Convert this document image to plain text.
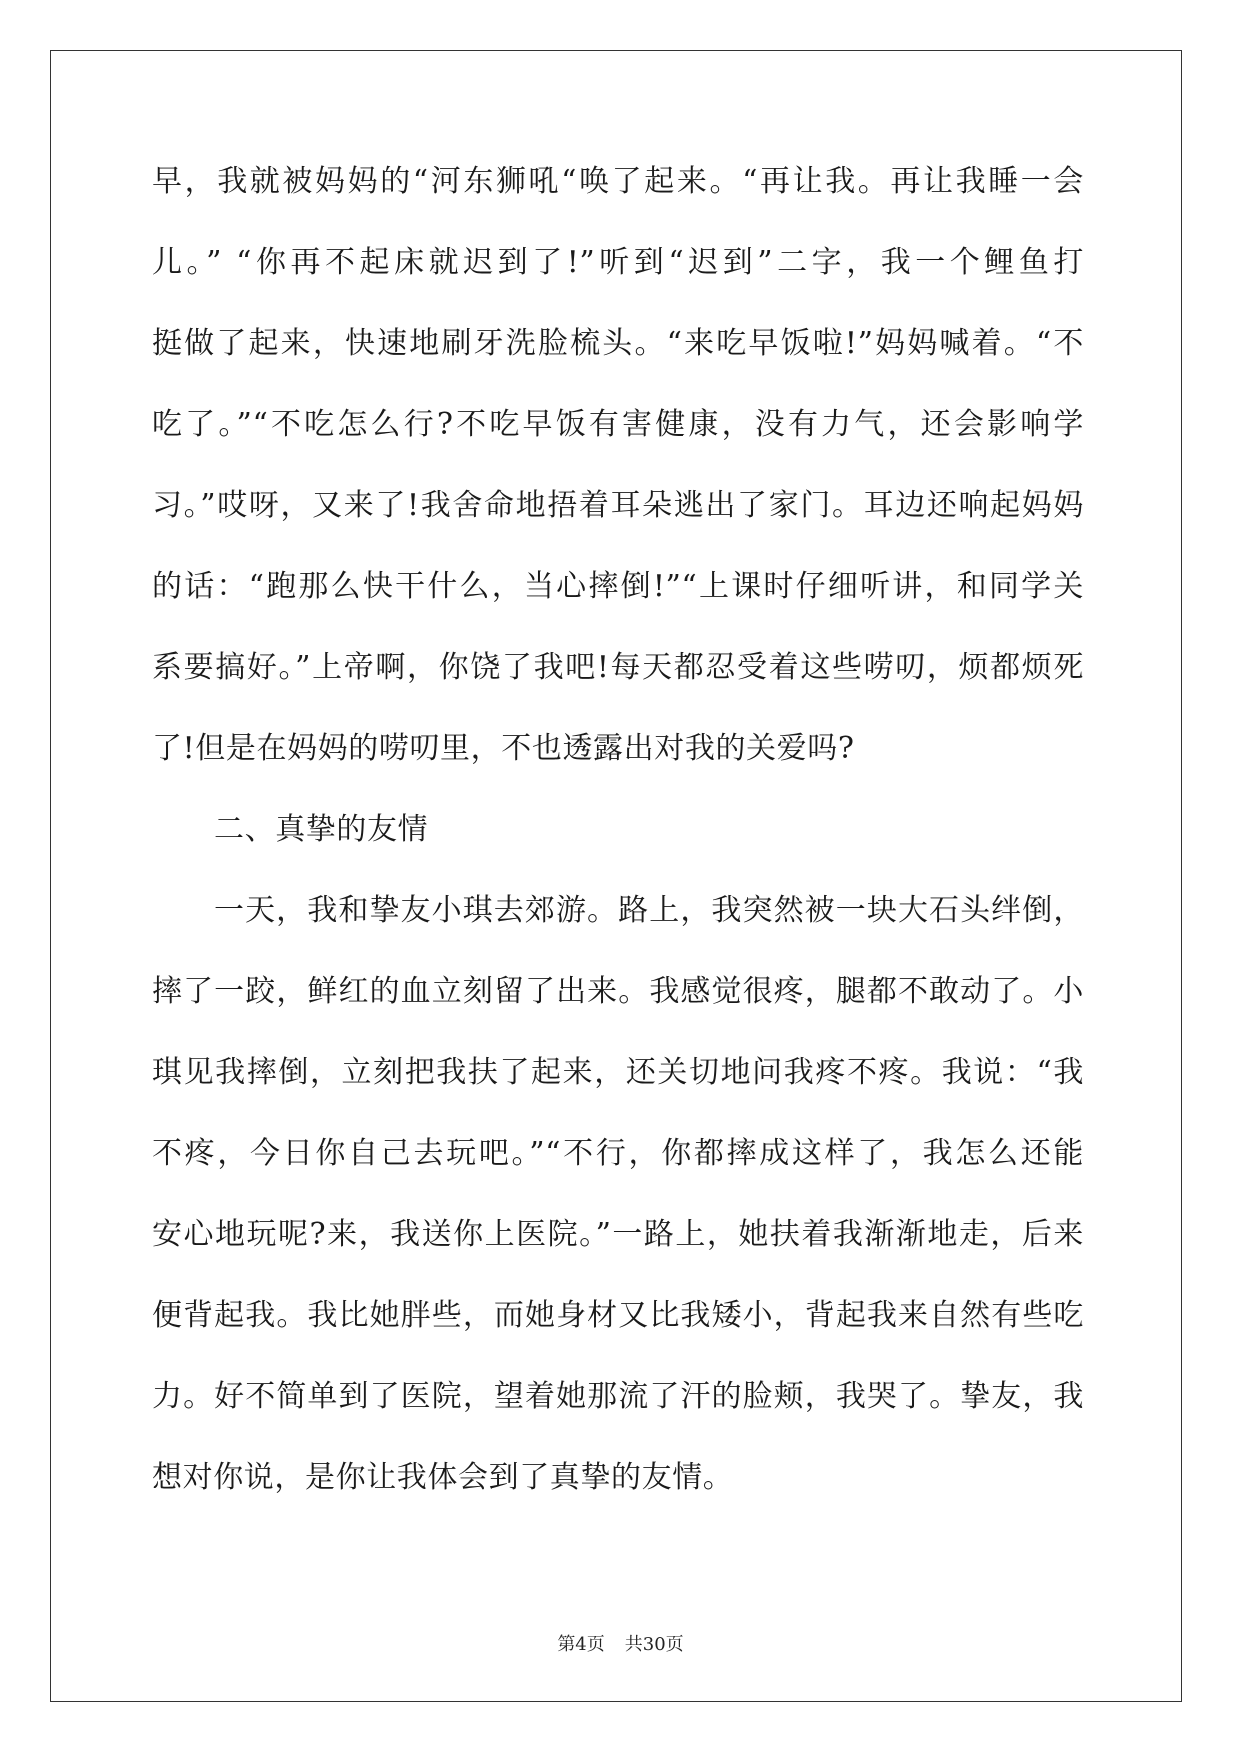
早，我就被妈妈的“河东狮吼“唤了起来。“再让我。再让我睡一会
儿。” “你再不起床就迟到了!”听到“迟到”二字，我一个鲤鱼打
挺做了起来，快速地刷牙洗脸梳头。“来吃早饭啦!”妈妈喊着。“不
吃了。”“不吃怎么行?不吃早饭有害健康，没有力气，还会影响学
习。”哎呀，又来了!我舍命地捂着耳朵逃出了家门。耳边还响起妈妈
的话：“跑那么快干什么，当心摔倒!”“上课时仔细听讲，和同学关
系要搞好。”上帝啊，你饶了我吧!每天都忍受着这些唠叨，烦都烦死
了!但是在妈妈的唠叨里，不也透露出对我的关爱吗?
二、真挚的友情
一天，我和挚友小琪去郊游。路上，我突然被一块大石头绊倒，
摔了一跤，鲜红的血立刻留了出来。我感觉很疼，腿都不敢动了。小
琪见我摔倒，立刻把我扶了起来，还关切地问我疼不疼。我说：“我
不疼，今日你自己去玩吧。”“不行，你都摔成这样了，我怎么还能
安心地玩呢?来，我送你上医院。”一路上，她扶着我渐渐地走，后来
便背起我。我比她胖些，而她身材又比我矮小，背起我来自然有些吃
力。好不简单到了医院，望着她那流了汗的脸颊，我哭了。挚友，我
想对你说，是你让我体会到了真挚的友情。
第4页 共30页
